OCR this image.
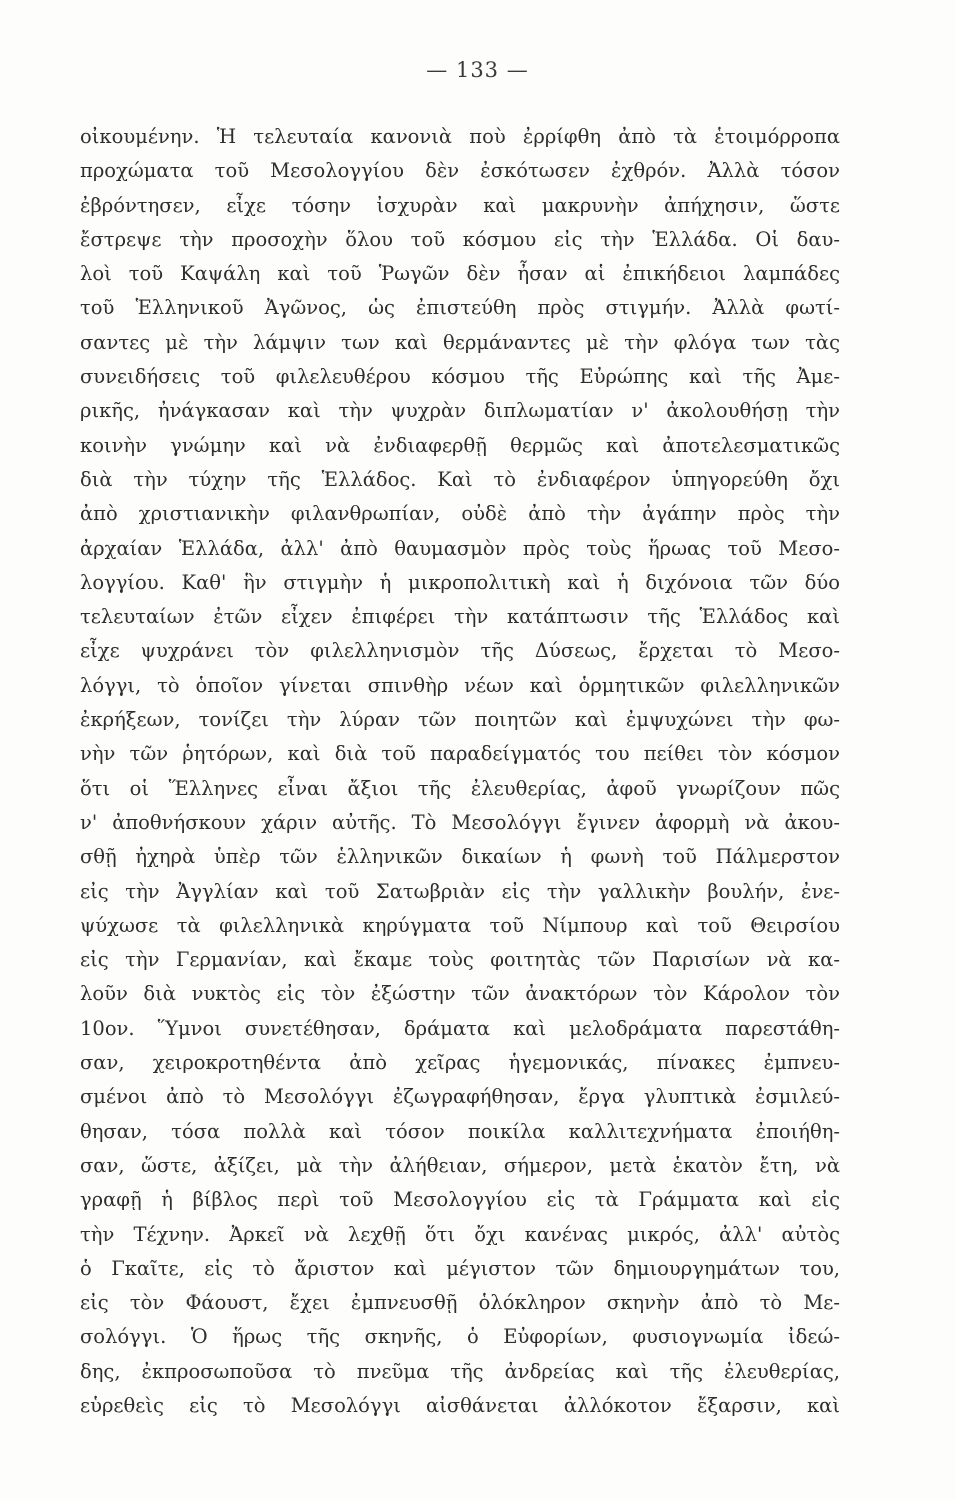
— 133 —
οἰκουμένην. Ἡ τελευταία κανονιὰ ποὺ ἐρρίφθη ἀπὸ τὰ ἑτοιμόρροπα
προχώματα τοῦ Μεσολογγίου δὲν ἐσκότωσεν ἐχθρόν. Ἀλλὰ τόσον
ἐβρόντησεν, εἶχε τόσην ἰσχυρὰν καὶ μακρυνὴν ἀπήχησιν, ὥστε
ἔστρεψε τὴν προσοχὴν ὅλου τοῦ κόσμου εἰς τὴν Ἑλλάδα. Οἱ δαυ-
λοὶ τοῦ Καψάλη καὶ τοῦ Ῥωγῶν δὲν ἦσαν αἱ ἐπικήδειοι λαμπάδες
τοῦ Ἑλληνικοῦ Ἀγῶνος, ὡς ἐπιστεύθη πρὸς στιγμήν. Ἀλλὰ φωτί-
σαντες μὲ τὴν λάμψιν των καὶ θερμάναντες μὲ τὴν φλόγα των τὰς
συνειδήσεις τοῦ φιλελευθέρου κόσμου τῆς Εὐρώπης καὶ τῆς Ἀμε-
ρικῆς, ἠνάγκασαν καὶ τὴν ψυχρὰν διπλωματίαν ν' ἀκολουθήσῃ τὴν
κοινὴν γνώμην καὶ νὰ ἐνδιαφερθῇ θερμῶς καὶ ἀποτελεσματικῶς
διὰ τὴν τύχην τῆς Ἑλλάδος. Καὶ τὸ ἐνδιαφέρον ὑπηγορεύθη ὄχι
ἀπὸ χριστιανικὴν φιλανθρωπίαν, οὐδὲ ἀπὸ τὴν ἀγάπην πρὸς τὴν
ἀρχαίαν Ἑλλάδα, ἀλλ' ἀπὸ θαυμασμὸν πρὸς τοὺς ἥρωας τοῦ Μεσο-
λογγίου. Καθ' ἣν στιγμὴν ἡ μικροπολιτικὴ καὶ ἡ διχόνοια τῶν δύο
τελευταίων ἐτῶν εἶχεν ἐπιφέρει τὴν κατάπτωσιν τῆς Ἑλλάδος καὶ
εἶχε ψυχράνει τὸν φιλελληνισμὸν τῆς Δύσεως, ἔρχεται τὸ Μεσο-
λόγγι, τὸ ὁποῖον γίνεται σπινθὴρ νέων καὶ ὁρμητικῶν φιλελληνικῶν
ἐκρήξεων, τονίζει τὴν λύραν τῶν ποιητῶν καὶ ἐμψυχώνει τὴν φω-
νὴν τῶν ῥητόρων, καὶ διὰ τοῦ παραδείγματός του πείθει τὸν κόσμον
ὅτι οἱ Ἕλληνες εἶναι ἄξιοι τῆς ἐλευθερίας, ἀφοῦ γνωρίζουν πῶς
ν' ἀποθνήσκουν χάριν αὐτῆς. Τὸ Μεσολόγγι ἔγινεν ἀφορμὴ νὰ ἀκου-
σθῇ ἠχηρὰ ὑπὲρ τῶν ἑλληνικῶν δικαίων ἡ φωνὴ τοῦ Πάλμερστον
εἰς τὴν Ἀγγλίαν καὶ τοῦ Σατωβριὰν εἰς τὴν γαλλικὴν βουλήν, ἐνε-
ψύχωσε τὰ φιλελληνικὰ κηρύγματα τοῦ Νίμπουρ καὶ τοῦ Θειρσίου
εἰς τὴν Γερμανίαν, καὶ ἔκαμε τοὺς φοιτητὰς τῶν Παρισίων νὰ κα-
λοῦν διὰ νυκτὸς εἰς τὸν ἐξώστην τῶν ἀνακτόρων τὸν Κάρολον τὸν
10ον. Ὕμνοι συνετέθησαν, δράματα καὶ μελοδράματα παρεστάθη-
σαν, χειροκροτηθέντα ἀπὸ χεῖρας ἡγεμονικάς, πίνακες ἐμπνευ-
σμένοι ἀπὸ τὸ Μεσολόγγι ἐζωγραφήθησαν, ἔργα γλυπτικὰ ἐσμιλεύ-
θησαν, τόσα πολλὰ καὶ τόσον ποικίλα καλλιτεχνήματα ἐποιήθη-
σαν, ὥστε, ἀξίζει, μὰ τὴν ἀλήθειαν, σήμερον, μετὰ ἑκατὸν ἔτη, νὰ
γραφῇ ἡ βίβλος περὶ τοῦ Μεσολογγίου εἰς τὰ Γράμματα καὶ εἰς
τὴν Τέχνην. Ἀρκεῖ νὰ λεχθῇ ὅτι ὄχι κανένας μικρός, ἀλλ' αὐτὸς
ὁ Γκαῖτε, εἰς τὸ ἄριστον καὶ μέγιστον τῶν δημιουργημάτων του,
εἰς τὸν Φάουστ, ἔχει ἐμπνευσθῇ ὁλόκληρον σκηνὴν ἀπὸ τὸ Με-
σολόγγι. Ὁ ἥρως τῆς σκηνῆς, ὁ Εὐφορίων, φυσιογνωμία ἰδεώ-
δης, ἐκπροσωποῦσα τὸ πνεῦμα τῆς ἀνδρείας καὶ τῆς ἐλευθερίας,
εὑρεθεὶς εἰς τὸ Μεσολόγγι αἰσθάνεται ἀλλόκοτον ἔξαρσιν, καὶ
